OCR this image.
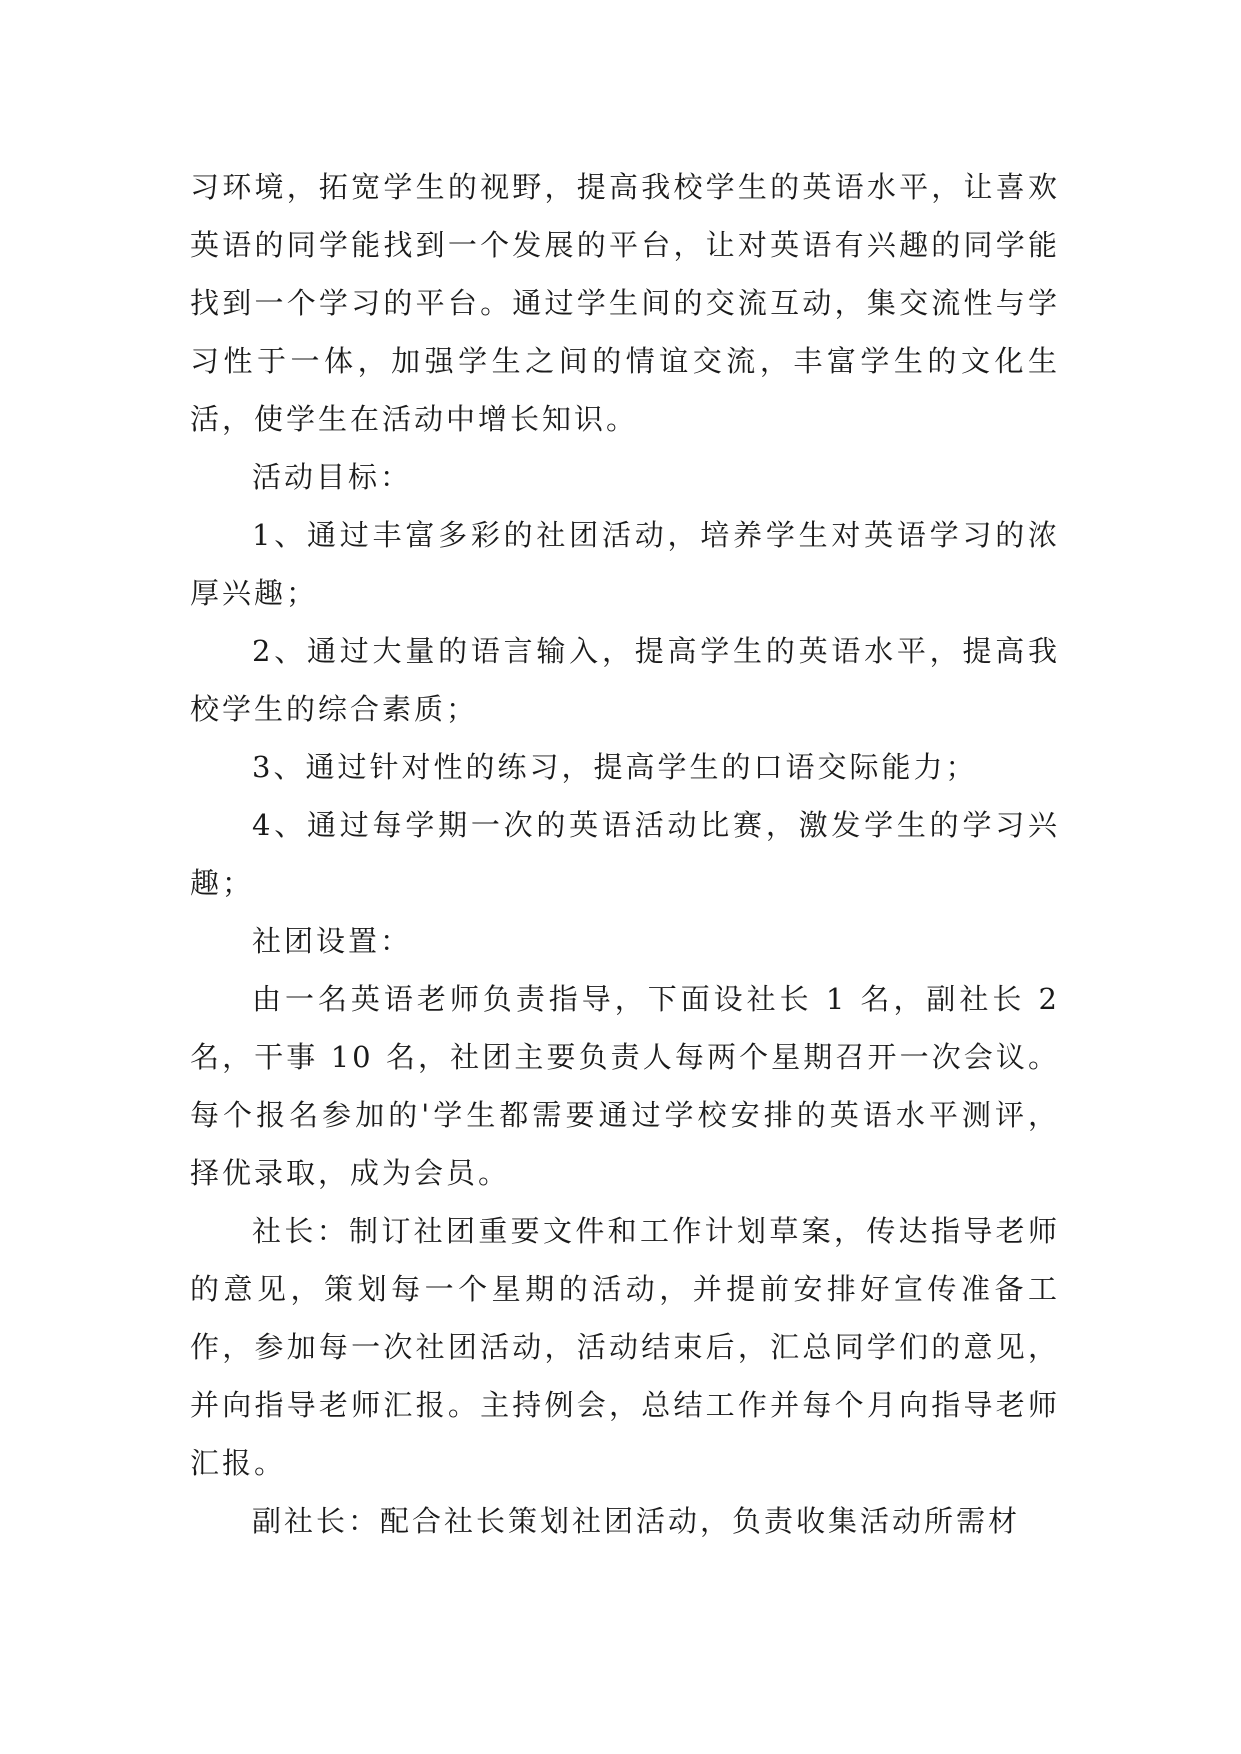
习环境，拓宽学生的视野，提高我校学生的英语水平，让喜欢英语的同学能找到一个发展的平台，让对英语有兴趣的同学能找到一个学习的平台。通过学生间的交流互动，集交流性与学习性于一体，加强学生之间的情谊交流，丰富学生的文化生活，使学生在活动中增长知识。

活动目标：

1、通过丰富多彩的社团活动，培养学生对英语学习的浓厚兴趣；

2、通过大量的语言输入，提高学生的英语水平，提高我校学生的综合素质；

3、通过针对性的练习，提高学生的口语交际能力；

4、通过每学期一次的英语活动比赛，激发学生的学习兴趣；

社团设置：

由一名英语老师负责指导，下面设社长 1 名，副社长 2 名，干事 10 名，社团主要负责人每两个星期召开一次会议。每个报名参加的'学生都需要通过学校安排的英语水平测评，择优录取，成为会员。

社长：制订社团重要文件和工作计划草案，传达指导老师的意见，策划每一个星期的活动，并提前安排好宣传准备工作，参加每一次社团活动，活动结束后，汇总同学们的意见，并向指导老师汇报。主持例会，总结工作并每个月向指导老师汇报。

副社长：配合社长策划社团活动，负责收集活动所需材
